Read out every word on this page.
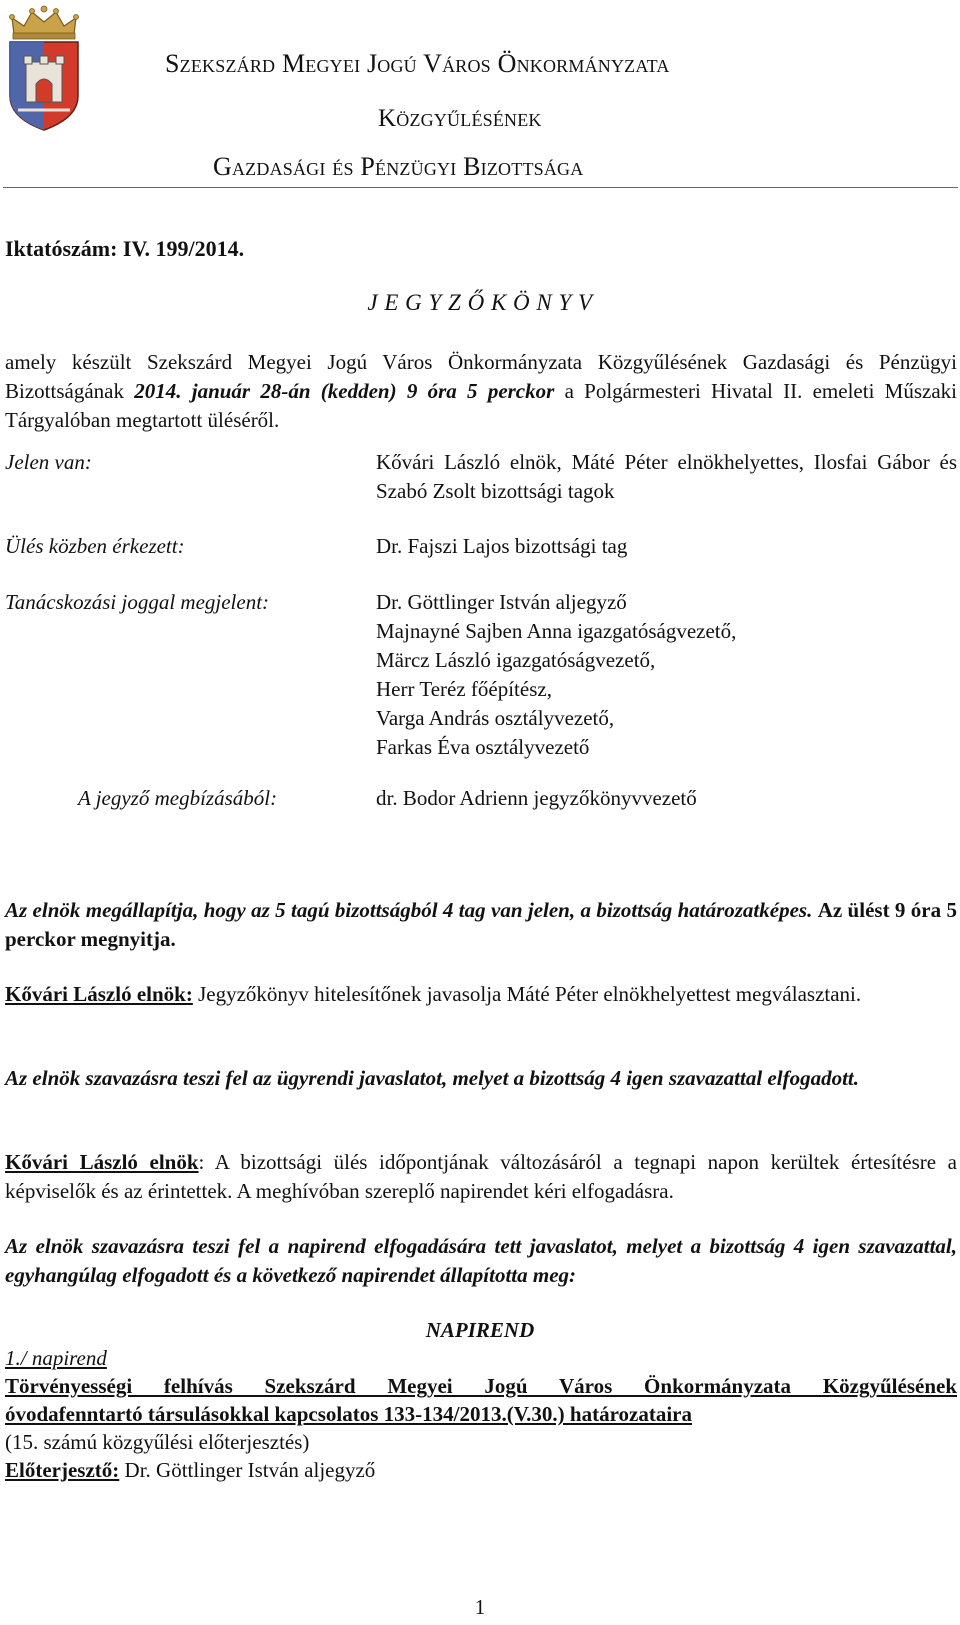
Szekszárd Megyei Jogú Város Önkormányzata
Közgyűlésének
Gazdasági és Pénzügyi Bizottsága
Iktatószám: IV. 199/2014.
J E G Y Z Ő K Ö N Y V
amely készült Szekszárd Megyei Jogú Város Önkormányzata Közgyűlésének Gazdasági és Pénzügyi Bizottságának 2014. január 28-án (kedden) 9 óra 5 perckor a Polgármesteri Hivatal II. emeleti Műszaki Tárgyalóban megtartott üléséről.
Jelen van:	Kővári László elnök, Máté Péter elnökhelyettes, Ilosfai Gábor és Szabó Zsolt bizottsági tagok
Ülés közben érkezett:	Dr. Fajszi Lajos bizottsági tag
Tanácskozási joggal megjelent:	Dr. Göttlinger István aljegyző
Majnayné Sajben Anna igazgatóságvezető,
Märcz László igazgatóságvezető,
Herr Teréz főépítész,
Varga András osztályvezető,
Farkas Éva osztályvezető
A jegyző megbízásából:	dr. Bodor Adrienn jegyzőkönyvvezető
Az elnök megállapítja, hogy az 5 tagú bizottságból 4 tag van jelen, a bizottság határozatképes. Az ülést 9 óra 5 perckor megnyitja.
Kővári László elnök: Jegyzőkönyv hitelesítőnek javasolja Máté Péter elnökhelyettest megválasztani.
Az elnök szavazásra teszi fel az ügyrendi javaslatot, melyet a bizottság 4 igen szavazattal elfogadott.
Kővári László elnök: A bizottsági ülés időpontjának változásáról a tegnapi napon kerültek értesítésre a képviselők és az érintettek. A meghívóban szereplő napirendet kéri elfogadásra.
Az elnök szavazásra teszi fel a napirend elfogadására tett javaslatot, melyet a bizottság 4 igen szavazattal, egyhangúlag elfogadott és a következő napirendet állapította meg:
NAPIREND
1./ napirend
Törvényességi felhívás Szekszárd Megyei Jogú Város Önkormányzata Közgyűlésének
óvodafenntartó társulásokkal kapcsolatos 133-134/2013.(V.30.) határozataira
(15. számú közgyűlési előterjesztés)
Előterjesztő: Dr. Göttlinger István aljegyző
1
